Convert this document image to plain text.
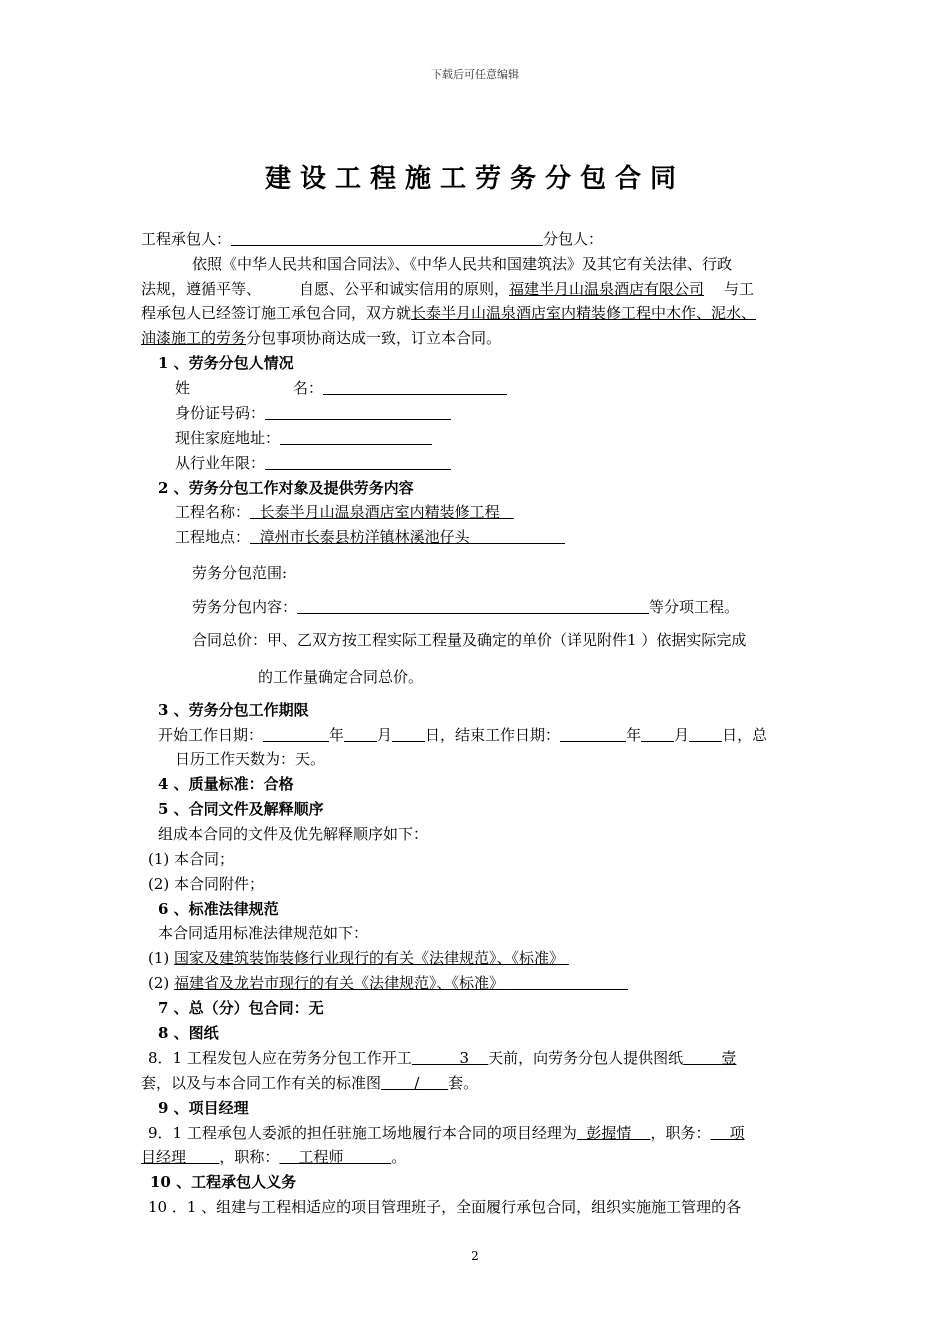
下载后可任意编辑
建设工程施工劳务分包合同
工程承包人：	分包人：
依照《中华人民共和国合同法》、《中华人民共和国建筑法》及其它有关法律、行政
法规，遵循平等、	自愿、公平和诚实信用的原则，福建半月山温泉酒店有限公司 与工
程承包人已经签订施工承包合同，双方就长泰半月山温泉酒店室内精装修工程中木作、泥水、
油漆施工的劳务分包事项协商达成一致，订立本合同。
1 、劳务分包人情况
姓	名：
身份证号码：
现住家庭地址：
从行业年限：
2 、劳务分包工作对象及提供劳务内容
工程名称： 长泰半月山温泉酒店室内精装修工程
工程地点： 漳州市长泰县枋洋镇林溪池仔头
劳务分包范围:
劳务分包内容：	等分项工程。
合同总价：甲、乙双方按工程实际工程量及确定的单价（详见附件1 ）依据实际完成
的工作量确定合同总价。
3 、劳务分包工作期限
开始工作日期：	年 月 日，结束工作日期：	年 月 日，总
日历工作天数为：天。
4 、质量标准：合格
5 、合同文件及解释顺序
组成本合同的文件及优先解释顺序如下：
(1) 本合同；
(2) 本合同附件；
6 、标准法律规范
本合同适用标准法律规范如下：
(1) 国家及建筑装饰装修行业现行的有关《法律规范》、《标准》
(2) 福建省及龙岩市现行的有关《法律规范》、《标准》
7 、总（分）包合同：无
8 、图纸
8．1 工程发包人应在劳务分包工作开工	3 天前，向劳务分包人提供图纸	壹
套，以及与本合同工作有关的标准图 / 套。
9 、项目经理
9．1 工程承包人委派的担任驻施工场地履行本合同的项目经理为 彭握情 ，职务： 项
目经理 ，职称： 工程师	。
10 、工程承包人义务
10 ．1 、组建与工程相适应的项目管理班子，全面履行承包合同，组织实施施工管理的各
2
